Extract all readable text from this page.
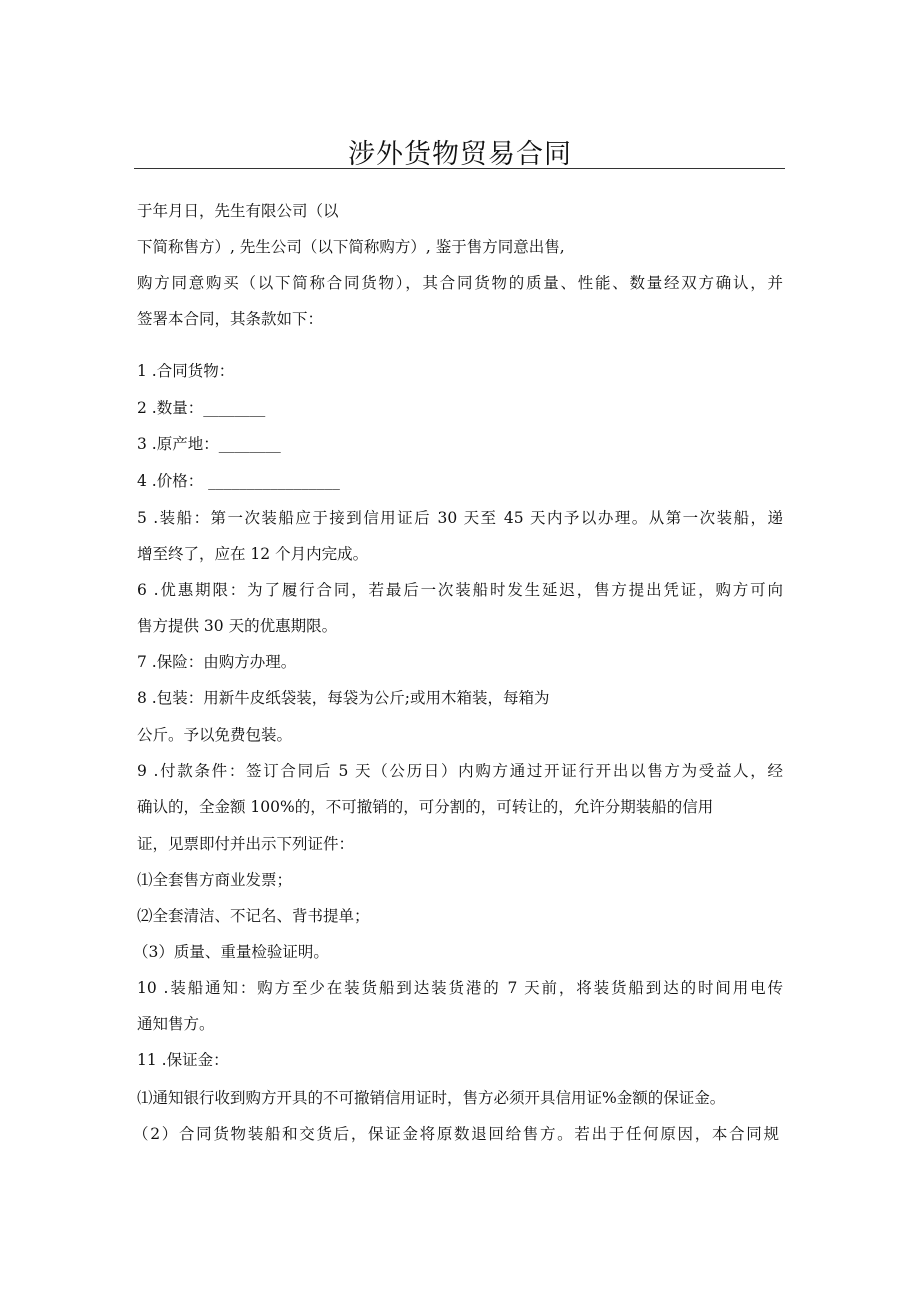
涉外货物贸易合同
于年月日，先生有限公司（以
下简称售方）, 先生公司（以下简称购方）, 鉴于售方同意出售,
购方同意购买（以下简称合同货物），其合同货物的质量、性能、数量经双方确认，并
签署本合同，其条款如下：
1 .合同货物：
2 .数量：________
3 .原产地：________
4 .价格： _________________
5 .装船：第一次装船应于接到信用证后 30 天至 45 天内予以办理。从第一次装船，递
增至终了，应在 12 个月内完成。
6 .优惠期限：为了履行合同，若最后一次装船时发生延迟，售方提出凭证，购方可向
售方提供 30 天的优惠期限。
7 .保险：由购方办理。
8 .包装：用新牛皮纸袋装，每袋为公斤;或用木箱装，每箱为
公斤。予以免费包装。
9 .付款条件：签订合同后 5 天（公历日）内购方通过开证行开出以售方为受益人，经
确认的，全金额 100%的，不可撤销的，可分割的，可转让的，允许分期装船的信用
证，见票即付并出示下列证件：
⑴全套售方商业发票；
⑵全套清洁、不记名、背书提单；
（3）质量、重量检验证明。
10 .装船通知：购方至少在装货船到达装货港的 7 天前，将装货船到达的时间用电传
通知售方。
11 .保证金：
⑴通知银行收到购方开具的不可撤销信用证时，售方必须开具信用证%金额的保证金。
（2）合同货物装船和交货后，保证金将原数退回给售方。若出于任何原因，本合同规
